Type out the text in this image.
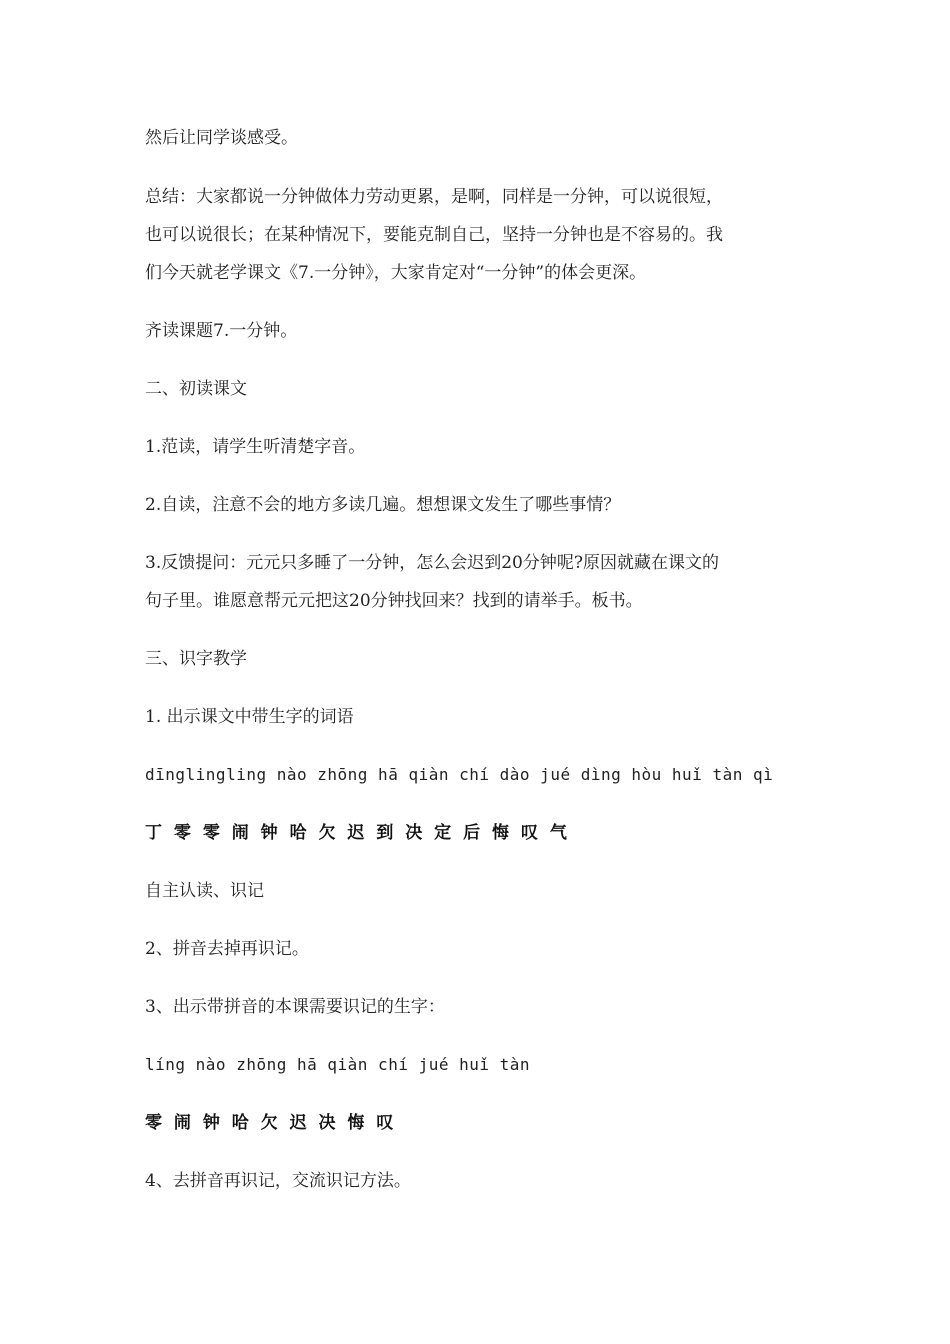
然后让同学谈感受。

总结：大家都说一分钟做体力劳动更累，是啊，同样是一分钟，可以说很短，

也可以说很长；在某种情况下，要能克制自己，坚持一分钟也是不容易的。我

们今天就老学课文《7.一分钟》，大家肯定对“一分钟”的体会更深。

齐读课题7.一分钟。

二、初读课文

1.范读，请学生听清楚字音。

2.自读，注意不会的地方多读几遍。想想课文发生了哪些事情？

3.反馈提问：元元只多睡了一分钟，怎么会迟到20分钟呢?原因就藏在课文的

句子里。谁愿意帮元元把这20分钟找回来？找到的请举手。板书。

三、识字教学

1. 出示课文中带生字的词语

dīnglingling nào zhōng hā qiàn chí dào jué dìng hòu huǐ tàn qì

丁 零 零 闹 钟 哈 欠 迟 到 决 定 后 悔 叹 气

自主认读、识记

2、拼音去掉再识记。

3、出示带拼音的本课需要识记的生字：

líng nào zhōng hā qiàn chí jué huǐ tàn

零 闹 钟 哈 欠 迟 决 悔 叹

4、去拼音再识记，交流识记方法。
